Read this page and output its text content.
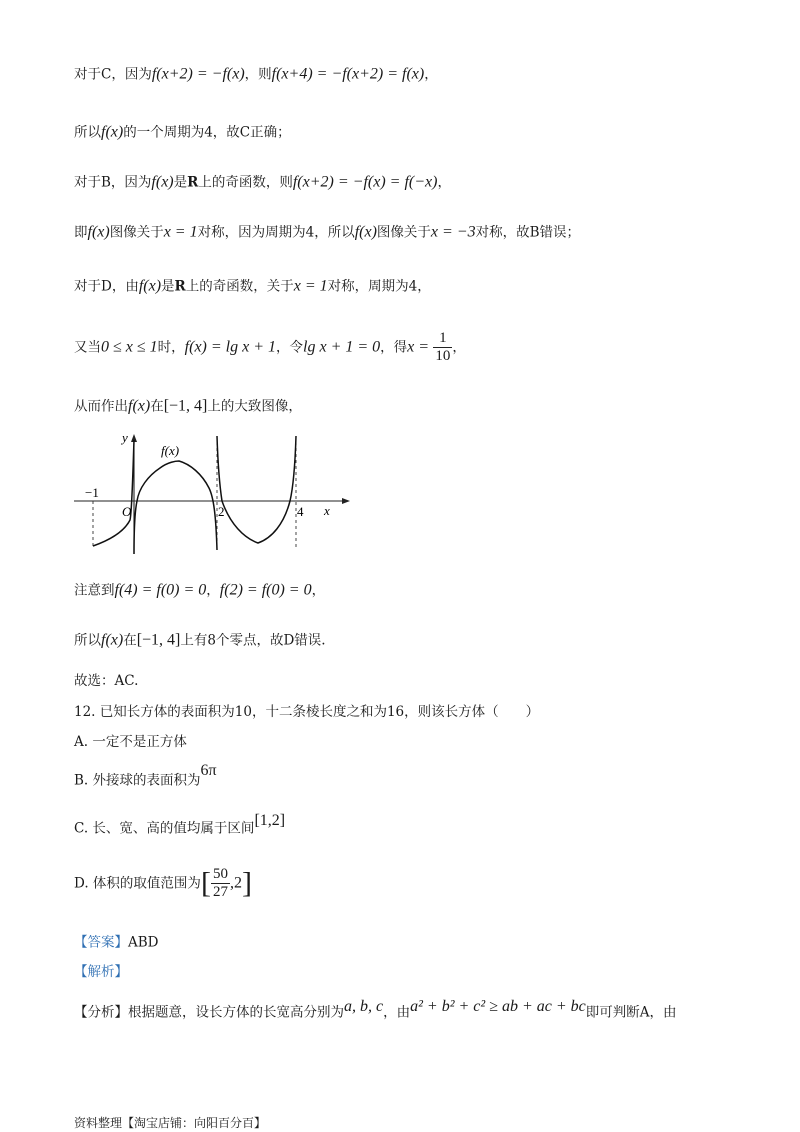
对于C，因为f(x+2) = −f(x)，则f(x+4) = −f(x+2) = f(x)，
所以f(x)的一个周期为4，故C正确；
对于B，因为f(x)是R上的奇函数，则f(x+2) = −f(x) = f(−x)，
即f(x)图像关于x = 1对称，因为周期为4，所以f(x)图像关于x = −3对称，故B错误；
对于D，由f(x)是R上的奇函数，关于x = 1对称，周期为4，
又当0 ≤ x ≤ 1时，f(x) = lg x + 1，令lg x + 1 = 0，得$x = \frac{1}{10}$ ，
从而作出f(x)在[−1, 4]上的大致图像，
y
x
f(x)
−1
O	2	4
注意到f(4) = f(0) = 0，f(2) = f(0) = 0，
所以f(x)在[−1, 4]上有8个零点，故D错误.
故选：AC.
12. 已知长方体的表面积为10，十二条棱长度之和为16，则该长方体（　　）
A. 一定不是正方体
B. 外接球的表面积为6π
C. 长、宽、高的值均属于区间[1,2]
D. 体积的取值范围为[ $\frac{50}{27} ,2$]
【答案】ABD
【解析】
【分析】根据题意，设长方体的长宽高分别为a, b, c，由a² + b² + c² ≥ ab + ac + bc即可判断A，由
资料整理【淘宝店铺：向阳百分百】
